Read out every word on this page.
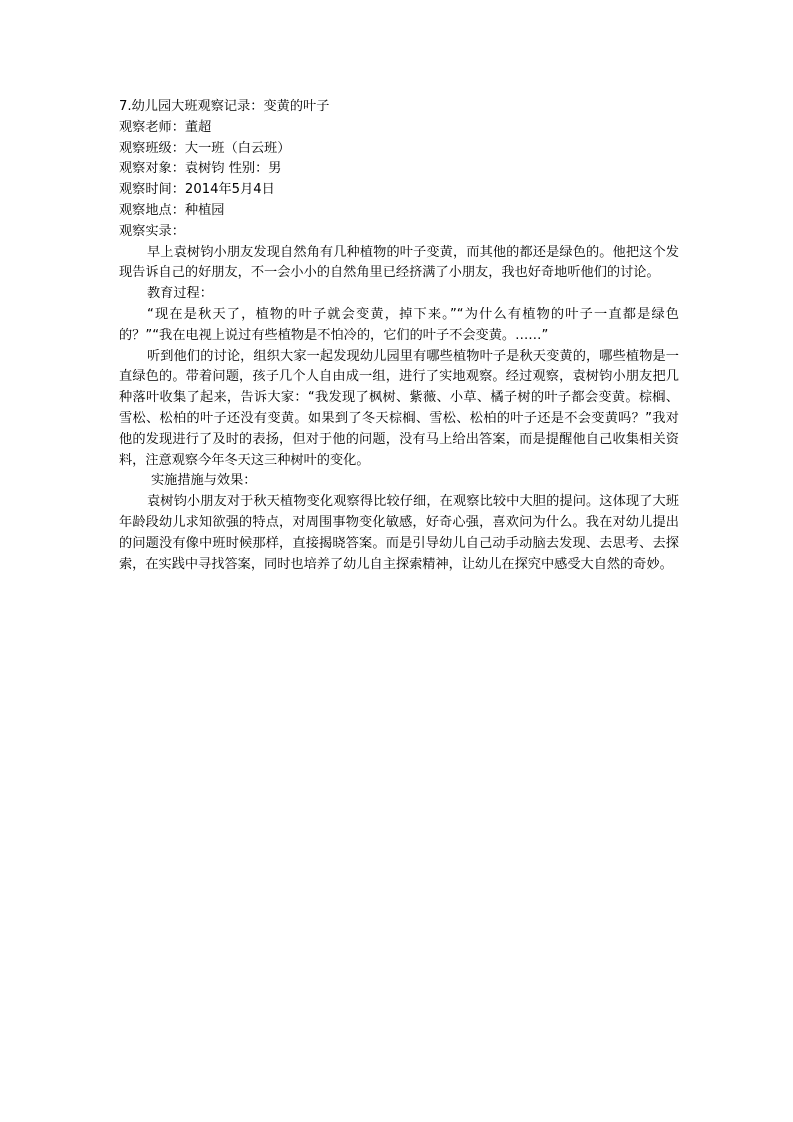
7.幼儿园大班观察记录：变黄的叶子
观察老师：董超
观察班级：大一班（白云班）
观察对象：袁树钧 性别：男
观察时间：2014年5月4日
观察地点：种植园
观察实录：
早上袁树钧小朋友发现自然角有几种植物的叶子变黄，而其他的都还是绿色的。他把这个发现告诉自己的好朋友，不一会小小的自然角里已经挤满了小朋友，我也好奇地听他们的讨论。
教育过程：
“现在是秋天了，植物的叶子就会变黄，掉下来。”“为什么有植物的叶子一直都是绿色的？”“我在电视上说过有些植物是不怕冷的，它们的叶子不会变黄。……”
听到他们的讨论，组织大家一起发现幼儿园里有哪些植物叶子是秋天变黄的，哪些植物是一直绿色的。带着问题，孩子几个人自由成一组，进行了实地观察。经过观察，袁树钧小朋友把几种落叶收集了起来，告诉大家：“我发现了枫树、紫薇、小草、橘子树的叶子都会变黄。棕榈、雪松、松柏的叶子还没有变黄。如果到了冬天棕榈、雪松、松柏的叶子还是不会变黄吗？”我对他的发现进行了及时的表扬，但对于他的问题，没有马上给出答案，而是提醒他自己收集相关资料，注意观察今年冬天这三种树叶的变化。
实施措施与效果：
袁树钧小朋友对于秋天植物变化观察得比较仔细，在观察比较中大胆的提问。这体现了大班年龄段幼儿求知欲强的特点，对周围事物变化敏感，好奇心强，喜欢问为什么。我在对幼儿提出的问题没有像中班时候那样，直接揭晓答案。而是引导幼儿自己动手动脑去发现、去思考、去探索，在实践中寻找答案，同时也培养了幼儿自主探索精神，让幼儿在探究中感受大自然的奇妙。
